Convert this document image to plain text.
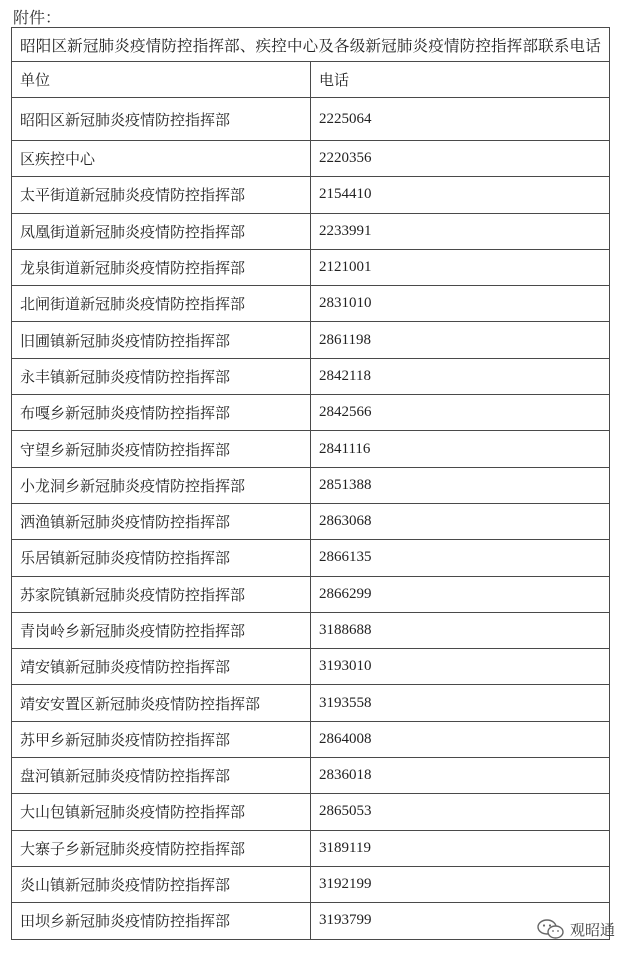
附件：
昭阳区新冠肺炎疫情防控指挥部、疾控中心及各级新冠肺炎疫情防控指挥部联系电话	
单位	电话
昭阳区新冠肺炎疫情防控指挥部	2225064
区疾控中心	2220356
太平街道新冠肺炎疫情防控指挥部	2154410
凤凰街道新冠肺炎疫情防控指挥部	2233991
龙泉街道新冠肺炎疫情防控指挥部	2121001
北闸街道新冠肺炎疫情防控指挥部	2831010
旧圃镇新冠肺炎疫情防控指挥部	2861198
永丰镇新冠肺炎疫情防控指挥部	2842118
布嘎乡新冠肺炎疫情防控指挥部	2842566
守望乡新冠肺炎疫情防控指挥部	2841116
小龙洞乡新冠肺炎疫情防控指挥部	2851388
洒渔镇新冠肺炎疫情防控指挥部	2863068
乐居镇新冠肺炎疫情防控指挥部	2866135
苏家院镇新冠肺炎疫情防控指挥部	2866299
青岗岭乡新冠肺炎疫情防控指挥部	3188688
靖安镇新冠肺炎疫情防控指挥部	3193010
靖安安置区新冠肺炎疫情防控指挥部	3193558
苏甲乡新冠肺炎疫情防控指挥部	2864008
盘河镇新冠肺炎疫情防控指挥部	2836018
大山包镇新冠肺炎疫情防控指挥部	2865053
大寨子乡新冠肺炎疫情防控指挥部	3189119
炎山镇新冠肺炎疫情防控指挥部	3192199
田坝乡新冠肺炎疫情防控指挥部	3193799
观昭通
